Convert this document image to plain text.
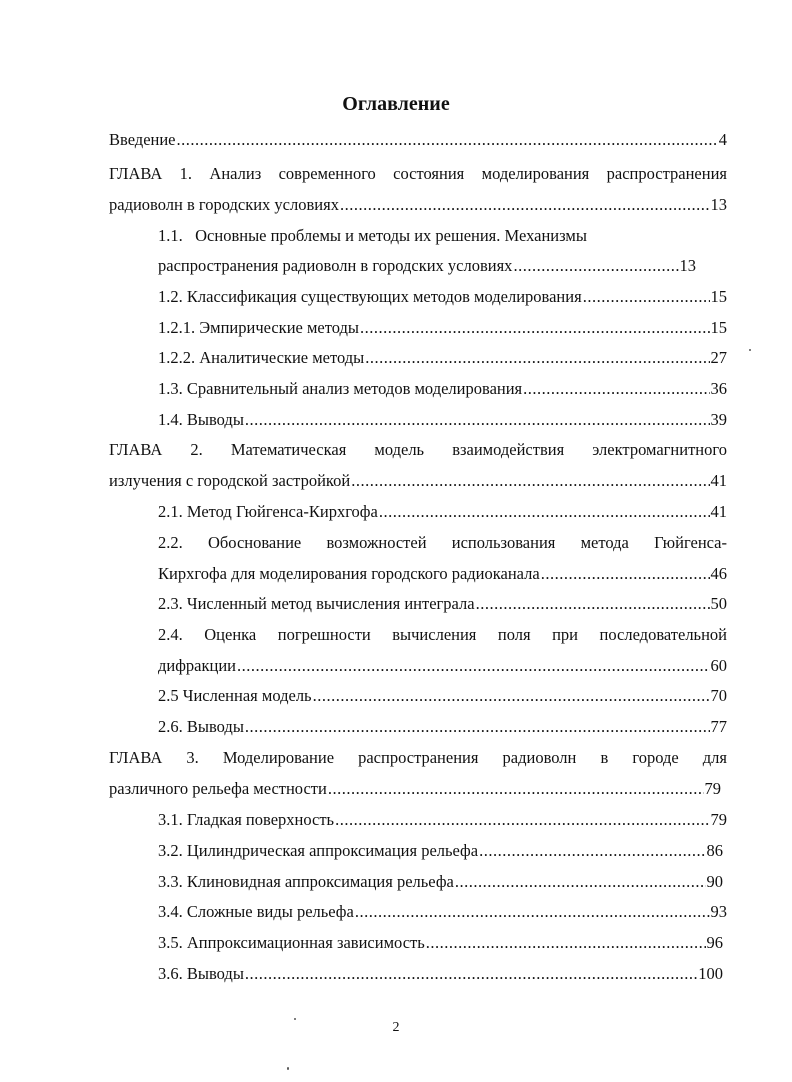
Оглавление
Введение .....	4
ГЛАВА 1. Анализ современного состояния моделирования распространения
радиоволн в городских условиях .....	13
1.1.   Основные проблемы и методы их решения. Механизмы
распространения радиоволн в городских условиях .....	13
1.2. Классификация существующих методов моделирования .....	15
1.2.1. Эмпирические методы .....	15
1.2.2. Аналитические методы .....	27
1.3. Сравнительный анализ методов моделирования .....	36
1.4. Выводы .....	39
ГЛАВА 2. Математическая модель взаимодействия электромагнитного
излучения с городской застройкой .....	41
2.1. Метод Гюйгенса-Кирхгофа .....	41
2.2. Обоснование возможностей использования метода Гюйгенса-
Кирхгофа для моделирования городского радиоканала .....	46
2.3. Численный метод вычисления интеграла .....	50
2.4. Оценка погрешности вычисления поля при последовательной
дифракции .....	60
2.5 Численная модель .....	70
2.6. Выводы .....	77
ГЛАВА 3. Моделирование распространения радиоволн в городе для
различного рельефа местности .....	79
3.1. Гладкая поверхность .....	79
3.2. Цилиндрическая аппроксимация рельефа .....	86
3.3. Клиновидная аппроксимация рельефа .....	90
3.4. Сложные виды рельефа .....	93
3.5. Аппроксимационная зависимость .....	96
3.6. Выводы .....	100
2
